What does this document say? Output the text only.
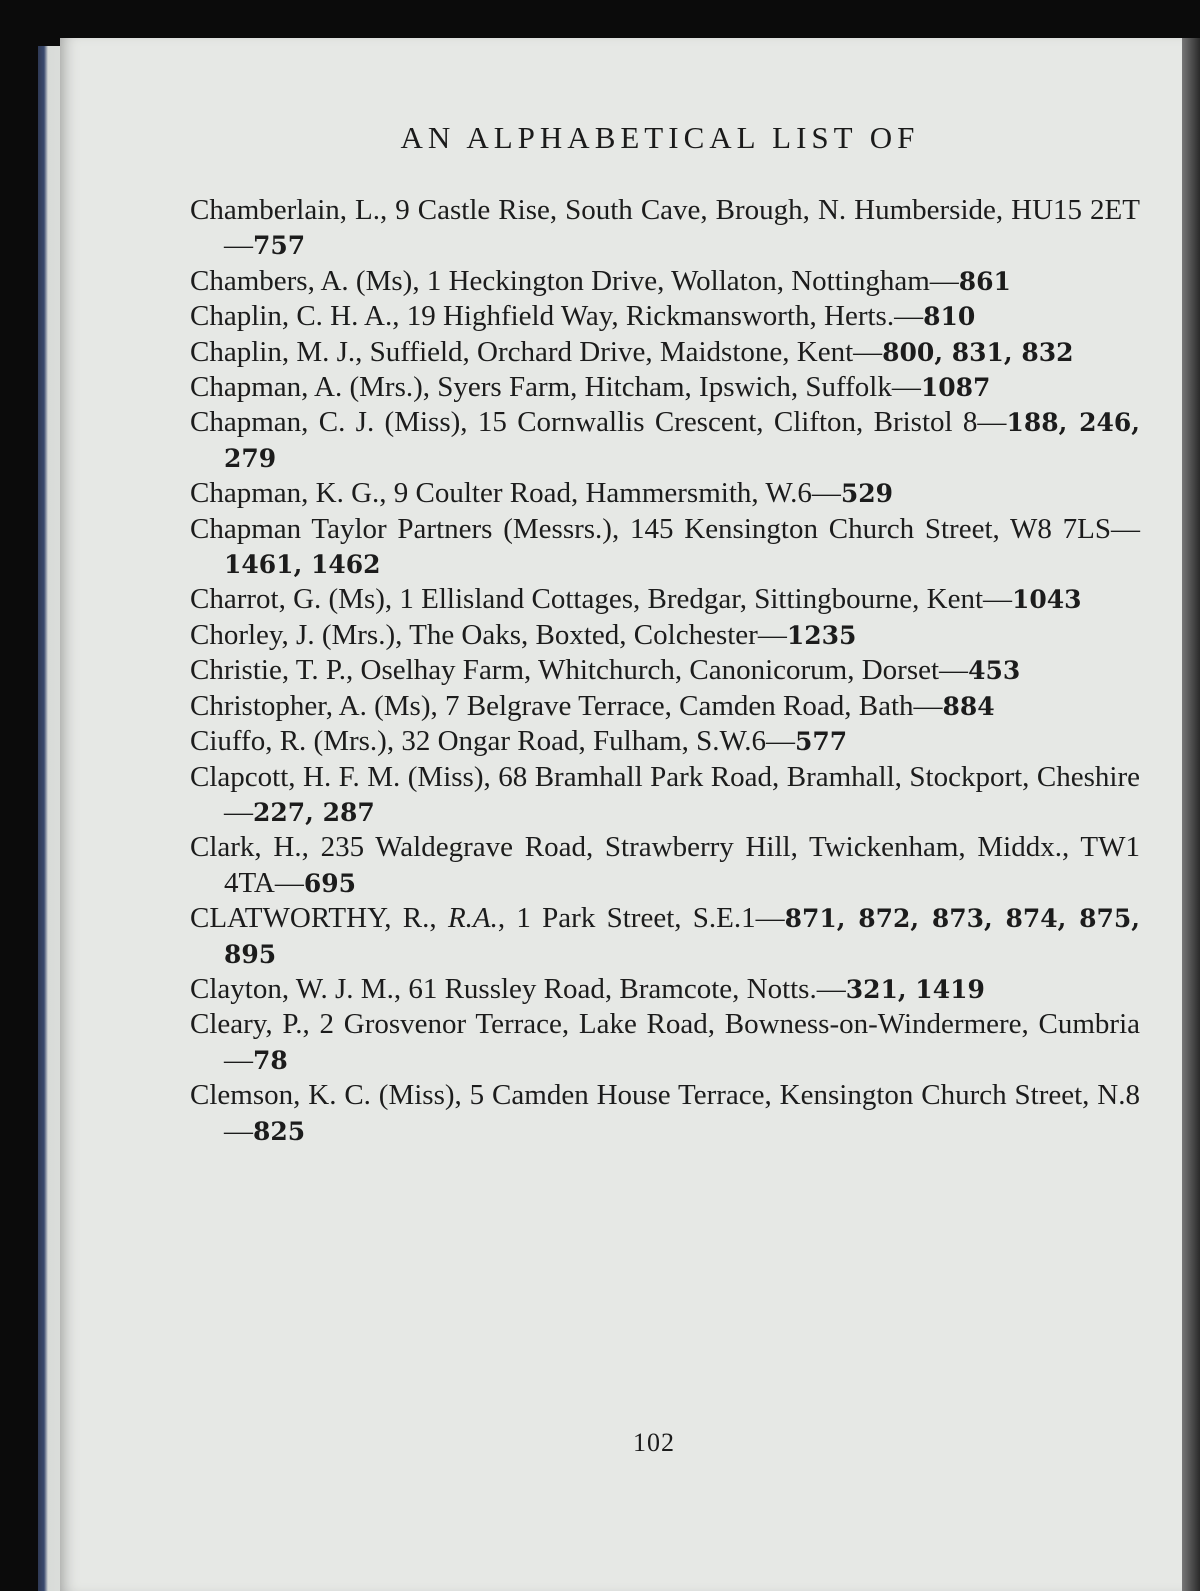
AN ALPHABETICAL LIST OF
Chamberlain, L., 9 Castle Rise, South Cave, Brough, N. Humberside, HU15 2ET—757
Chambers, A. (Ms), 1 Heckington Drive, Wollaton, Nottingham—861
Chaplin, C. H. A., 19 Highfield Way, Rickmansworth, Herts.—810
Chaplin, M. J., Suffield, Orchard Drive, Maidstone, Kent—800, 831, 832
Chapman, A. (Mrs.), Syers Farm, Hitcham, Ipswich, Suffolk—1087
Chapman, C. J. (Miss), 15 Cornwallis Crescent, Clifton, Bristol 8—188, 246, 279
Chapman, K. G., 9 Coulter Road, Hammersmith, W.6—529
Chapman Taylor Partners (Messrs.), 145 Kensington Church Street, W8 7LS—1461, 1462
Charrot, G. (Ms), 1 Ellisland Cottages, Bredgar, Sittingbourne, Kent—1043
Chorley, J. (Mrs.), The Oaks, Boxted, Colchester—1235
Christie, T. P., Oselhay Farm, Whitchurch, Canonicorum, Dorset—453
Christopher, A. (Ms), 7 Belgrave Terrace, Camden Road, Bath—884
Ciuffo, R. (Mrs.), 32 Ongar Road, Fulham, S.W.6—577
Clapcott, H. F. M. (Miss), 68 Bramhall Park Road, Bramhall, Stockport, Cheshire—227, 287
Clark, H., 235 Waldegrave Road, Strawberry Hill, Twickenham, Middx., TW1 4TA—695
CLATWORTHY, R., R.A., 1 Park Street, S.E.1—871, 872, 873, 874, 875, 895
Clayton, W. J. M., 61 Russley Road, Bramcote, Notts.—321, 1419
Cleary, P., 2 Grosvenor Terrace, Lake Road, Bowness-on-Windermere, Cumbria—78
Clemson, K. C. (Miss), 5 Camden House Terrace, Kensington Church Street, N.8—825
102
